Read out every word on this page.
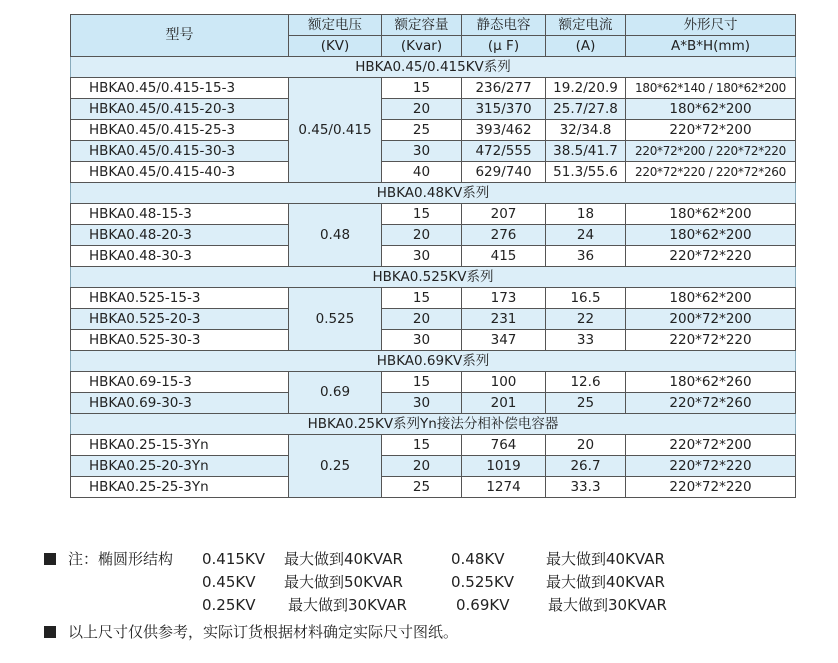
型号	额定电压	额定容量	静态电容	额定电流	外形尺寸
	(KV)	(Kvar)	(μ F)	(A)	A*B*H(mm)
HBKA0.45/0.415KV系列					
HBKA0.45/0.415-15-3	0.45/0.415	15	236/277	19.2/20.9	180*62*140 / 180*62*200
HBKA0.45/0.415-20-3		20	315/370	25.7/27.8	180*62*200
HBKA0.45/0.415-25-3		25	393/462	32/34.8	220*72*200
HBKA0.45/0.415-30-3		30	472/555	38.5/41.7	220*72*200 / 220*72*220
HBKA0.45/0.415-40-3		40	629/740	51.3/55.6	220*72*220 / 220*72*260
HBKA0.48KV系列					
HBKA0.48-15-3	0.48	15	207	18	180*62*200
HBKA0.48-20-3		20	276	24	180*62*200
HBKA0.48-30-3		30	415	36	220*72*220
HBKA0.525KV系列					
HBKA0.525-15-3	0.525	15	173	16.5	180*62*200
HBKA0.525-20-3		20	231	22	200*72*200
HBKA0.525-30-3		30	347	33	220*72*220
HBKA0.69KV系列					
HBKA0.69-15-3	0.69	15	100	12.6	180*62*260
HBKA0.69-30-3		30	201	25	220*72*260
HBKA0.25KV系列Yn接法分相补偿电容器					
HBKA0.25-15-3Yn	0.25	15	764	20	220*72*200
HBKA0.25-20-3Yn		20	1019	26.7	220*72*220
HBKA0.25-25-3Yn		25	1274	33.3	220*72*220
注：椭圆形结构 0.415KV 最大做到40KVAR	0.48KV	最大做到40KVAR
0.45KV 最大做到50KVAR	0.525KV 最大做到40KVAR
0.25KV 最大做到30KVAR	0.69KV	最大做到30KVAR
以上尺寸仅供参考，实际订货根据材料确定实际尺寸图纸。
